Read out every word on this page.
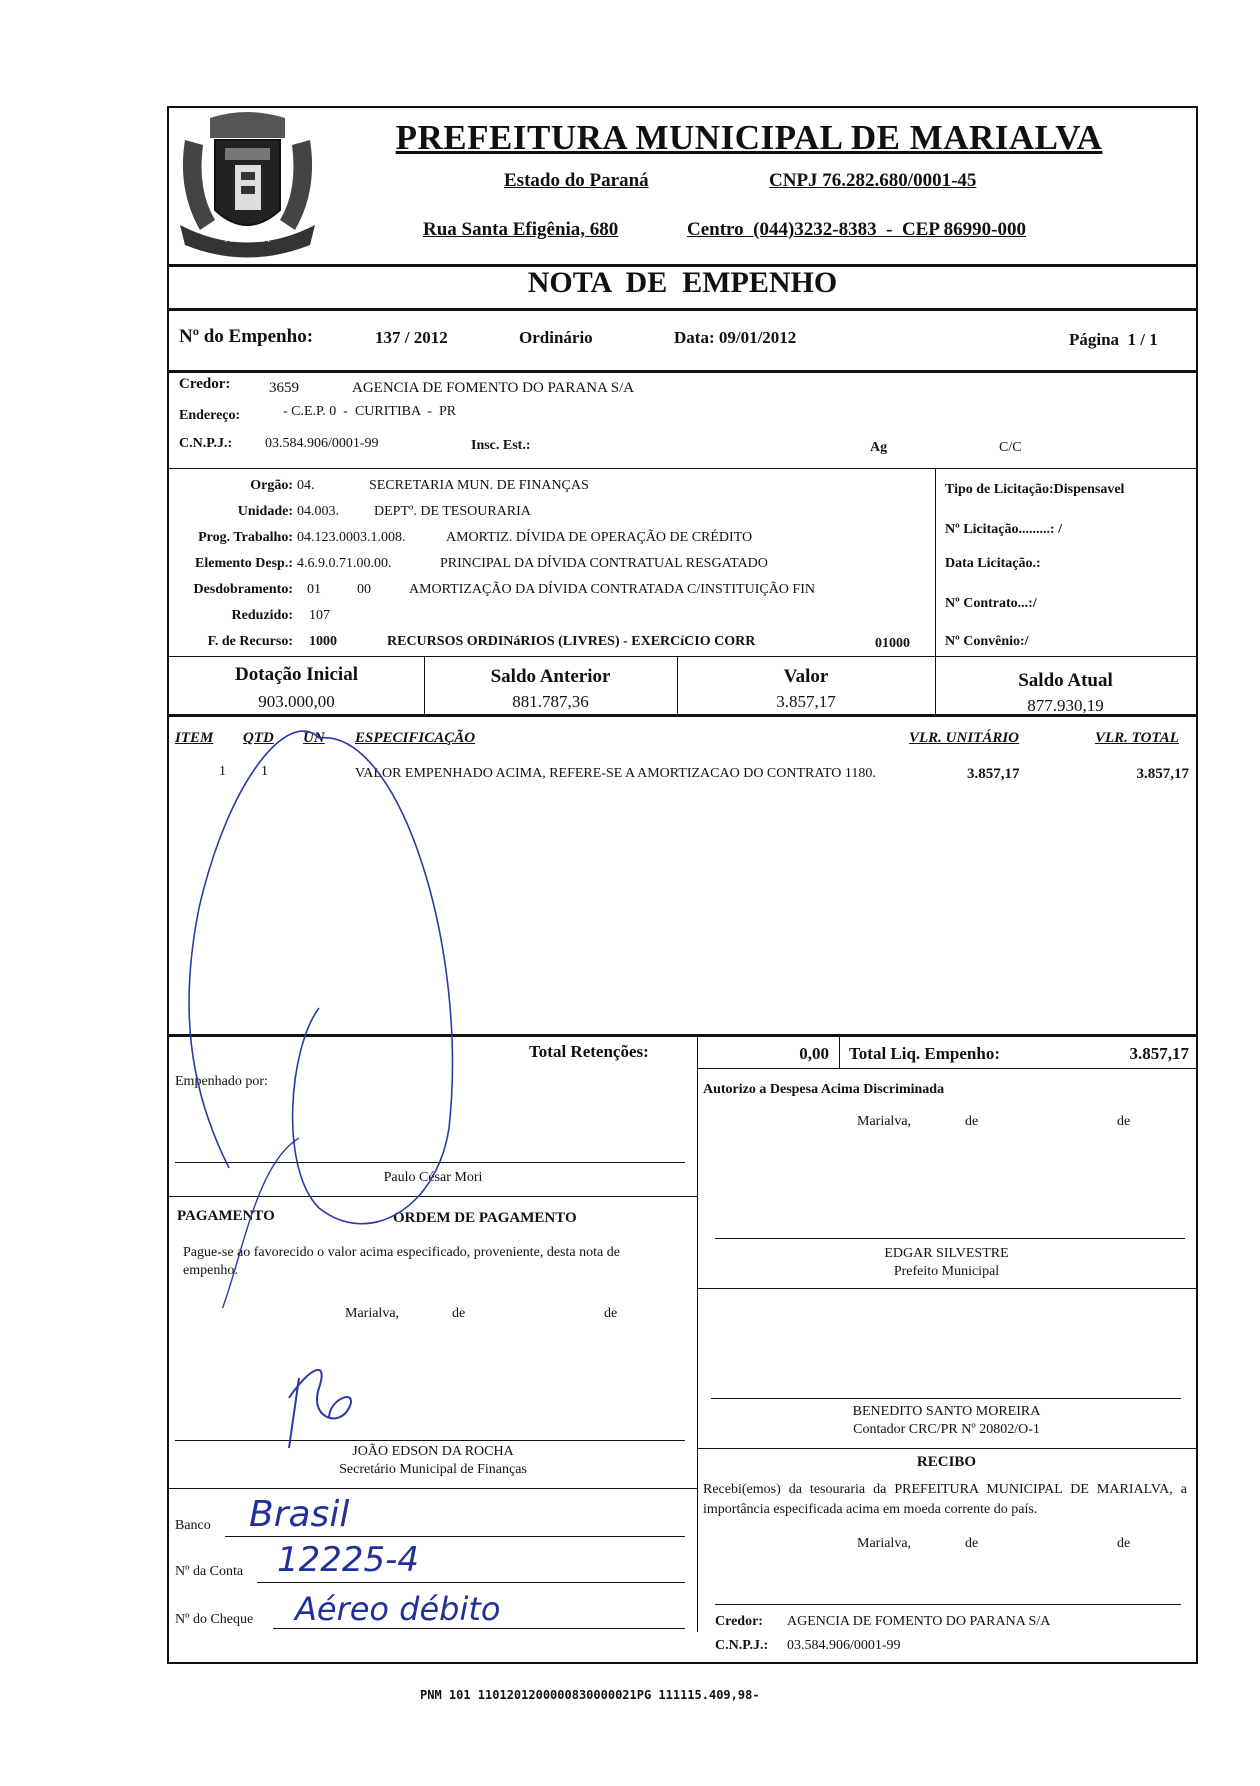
MARIALVA
PREFEITURA MUNICIPAL DE MARIALVA
Estado do Paraná	CNPJ 76.282.680/0001-45
Rua Santa Efigênia, 680	Centro  (044)3232-8383  -  CEP 86990-000
NOTA  DE  EMPENHO
Nº do Empenho:	137 / 2012	Ordinário	Data: 09/01/2012	Página  1 / 1
Credor:	3659	AGENCIA DE FOMENTO DO PARANA S/A
Endereço:	- C.E.P. 0  -  CURITIBA  -  PR
C.N.P.J.: 03.584.906/0001-99	Insc. Est.:	Ag	C/C
Orgão: 04.	SECRETARIA MUN. DE FINANÇAS
Unidade: 04.003.	DEPTº. DE TESOURARIA
Prog. Trabalho: 04.123.0003.1.008.	AMORTIZ. DÍVIDA DE OPERAÇÃO DE CRÉDITO
Elemento Desp.: 4.6.9.0.71.00.00.	PRINCIPAL DA DÍVIDA CONTRATUAL RESGATADO
Desdobramento: 01	00	AMORTIZAÇÃO DA DÍVIDA CONTRATADA C/INSTITUIÇÃO FIN
Reduzido: 107
F. de Recurso: 1000	RECURSOS ORDINáRIOS (LIVRES) - EXERCíCIO CORR	01000
Tipo de Licitação:Dispensavel
Nº Licitação.........: /
Data Licitação.:
Nº Contrato...:/
Nº Convênio:/
Dotação Inicial
903.000,00
Saldo Anterior
881.787,36
Valor
3.857,17
Saldo Atual
877.930,19
ITEM QTD UN ESPECIFICAÇÃO	VLR. UNITÁRIO	VLR. TOTAL
1	1	VALOR EMPENHADO ACIMA, REFERE-SE A AMORTIZACAO DO CONTRATO 1180.	3.857,17	3.857,17
Total Retenções:	0,00 Total Liq. Empenho:	3.857,17
Empenhado por:
Paulo César Mori
PAGAMENTO	ORDEM DE PAGAMENTO
Pague-se ao favorecido o valor acima especificado, proveniente, desta nota de empenho.
Marialva,	de	de
JOÃO EDSON DA ROCHA
Secretário Municipal de Finanças
Banco Brasil
Nº da Conta 12225-4
Nº do Cheque Aéreo débito
Autorizo a Despesa Acima Discriminada
Marialva,	de	de
EDGAR SILVESTRE
Prefeito Municipal
BENEDITO SANTO MOREIRA
Contador CRC/PR Nº 20802/O-1
RECIBO
Recebi(emos) da tesouraria da PREFEITURA MUNICIPAL DE MARIALVA, a importância especificada acima em moeda corrente do país.
Marialva,	de	de
Credor: AGENCIA DE FOMENTO DO PARANA S/A
C.N.P.J.: 03.584.906/0001-99
PNM 101 1101201200000830000021PG 111115.409,98-
